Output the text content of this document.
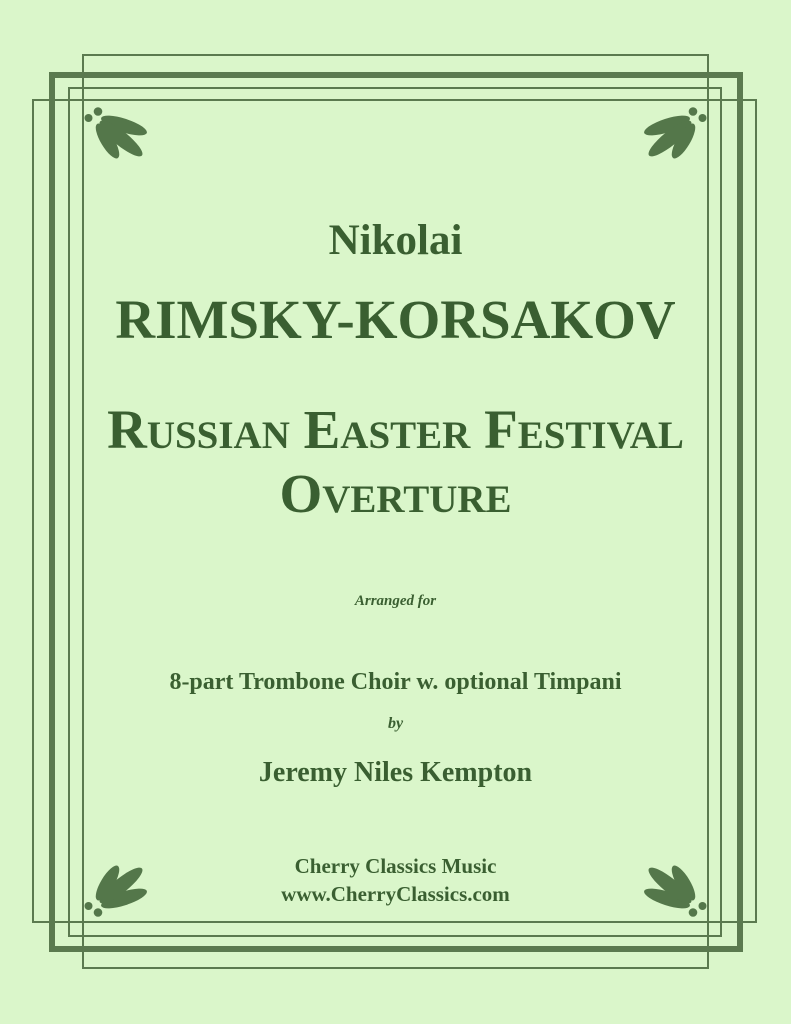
Nikolai
RIMSKY-KORSAKOV
Russian Easter Festival
Overture
Arranged for
8-part Trombone Choir w. optional Timpani
by
Jeremy Niles Kempton
Cherry Classics Music
www.CherryClassics.com
